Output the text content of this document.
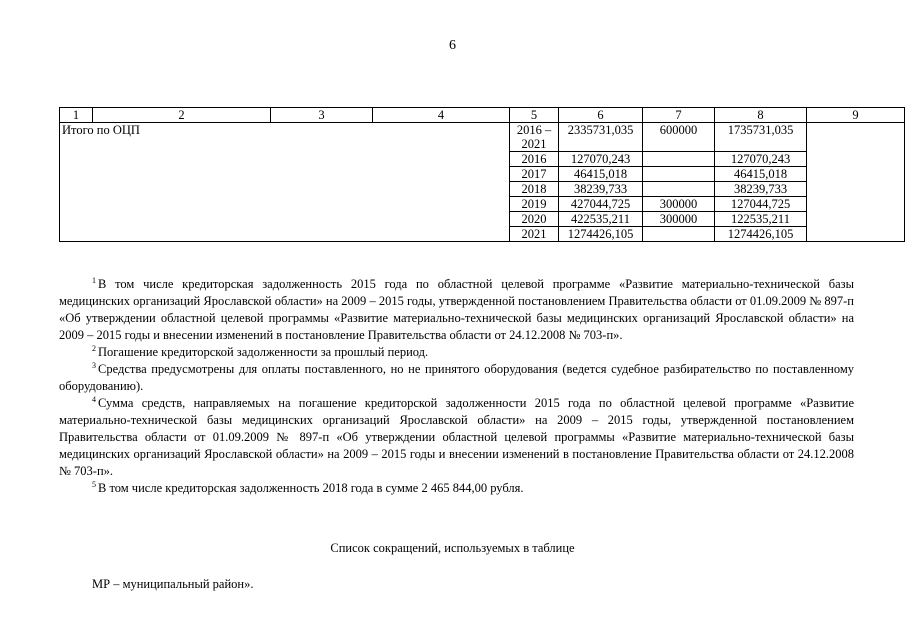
6
1	2	3	4	5	6	7	8	9
Итого по ОЦП				2016 – 2021	2335731,035	600000	1735731,035	
				2016	127070,243		127070,243	
				2017	46415,018		46415,018	
				2018	38239,733		38239,733	
				2019	427044,725	300000	127044,725	
				2020	422535,211	300000	122535,211	
				2021	1274426,105		1274426,105	

$^1$ В том числе кредиторская задолженность 2015 года по областной целевой программе «Развитие материально-технической базы медицинских организаций Ярославской области» на 2009 – 2015 годы, утвержденной постановлением Правительства области от 01.09.2009 № 897-п «Об утверждении областной целевой программы «Развитие материально-технической базы медицинских организаций Ярославской области» на 2009 – 2015 годы и внесении изменений в постановление Правительства области от 24.12.2008 № 703-п».

$^2$ Погашение кредиторской задолженности за прошлый период.

$^3$ Средства предусмотрены для оплаты поставленного, но не принятого оборудования (ведется судебное разбирательство по поставленному оборудованию).

$^4$ Сумма средств, направляемых на погашение кредиторской задолженности 2015 года по областной целевой программе «Развитие материально-технической базы медицинских организаций Ярославской области» на 2009 – 2015 годы, утвержденной постановлением Правительства области от 01.09.2009 № 897-п «Об утверждении областной целевой программы «Развитие материально-технической базы медицинских организаций Ярославской области» на 2009 – 2015 годы и внесении изменений в постановление Правительства области от 24.12.2008 № 703-п».

$^5$ В том числе кредиторская задолженность 2018 года в сумме 2 465 844,00 рубля.

Список сокращений, используемых в таблице
МР – муниципальный район».
